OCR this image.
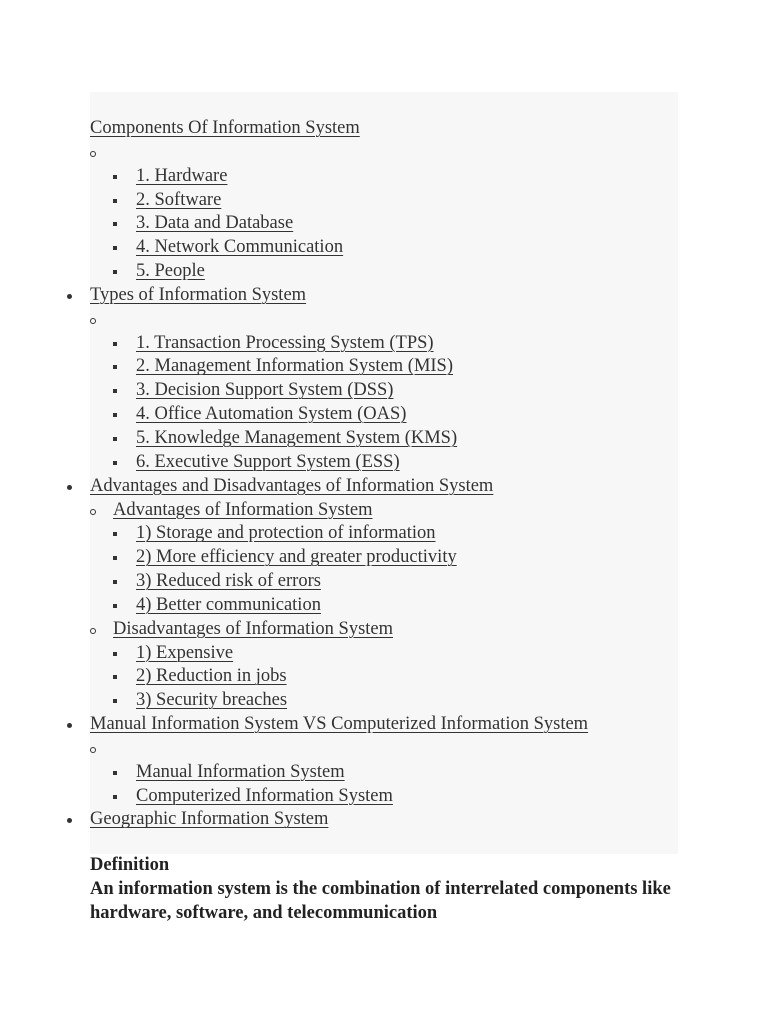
Components Of Information System
1. Hardware
2. Software
3. Data and Database
4. Network Communication
5. People
Types of Information System
1. Transaction Processing System (TPS)
2. Management Information System (MIS)
3. Decision Support System (DSS)
4. Office Automation System (OAS)
5. Knowledge Management System (KMS)
6. Executive Support System (ESS)
Advantages and Disadvantages of Information System
Advantages of Information System
1) Storage and protection of information
2) More efficiency and greater productivity
3) Reduced risk of errors
4) Better communication
Disadvantages of Information System
1) Expensive
2) Reduction in jobs
3) Security breaches
Manual Information System VS Computerized Information System
Manual Information System
Computerized Information System
Geographic Information System
Definition
An information system is the combination of interrelated components like hardware, software, and telecommunication
